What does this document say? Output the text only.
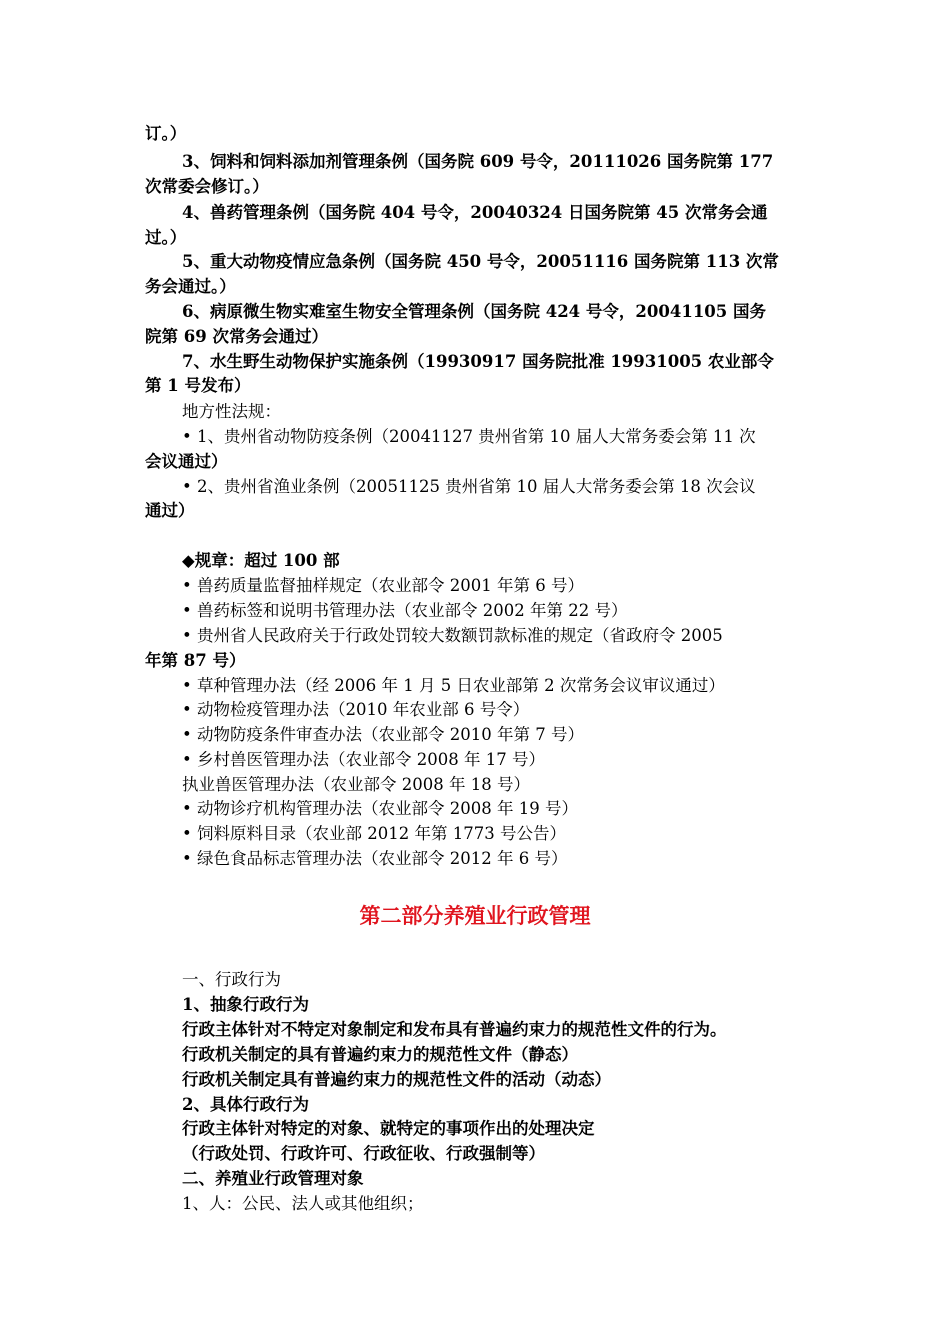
订。）
3、饲料和饲料添加剂管理条例（国务院 609 号令，20111026 国务院第 177
次常委会修订。）
4、兽药管理条例（国务院 404 号令，20040324 日国务院第 45 次常务会通
过。）
5、重大动物疫情应急条例（国务院 450 号令，20051116 国务院第 113 次常
务会通过。）
6、病原微生物实难室生物安全管理条例（国务院 424 号令，20041105 国务
院第 69 次常务会通过）
7、水生野生动物保护实施条例（19930917 国务院批准 19931005 农业部令
第 1 号发布）
地方性法规：
• 1、贵州省动物防疫条例（20041127 贵州省第 10 届人大常务委会第 11 次
会议通过）
• 2、贵州省渔业条例（20051125 贵州省第 10 届人大常务委会第 18 次会议
通过）
◆规章：超过 100 部
• 兽药质量监督抽样规定（农业部令 2001 年第 6 号）
• 兽药标签和说明书管理办法（农业部令 2002 年第 22 号）
• 贵州省人民政府关于行政处罚较大数额罚款标准的规定（省政府令 2005
年第 87 号）
• 草种管理办法（经 2006 年 1 月 5 日农业部第 2 次常务会议审议通过）
• 动物检疫管理办法（2010 年农业部 6 号令）
• 动物防疫条件审查办法（农业部令 2010 年第 7 号）
• 乡村兽医管理办法（农业部令 2008 年 17 号）
执业兽医管理办法（农业部令 2008 年 18 号）
• 动物诊疗机构管理办法（农业部令 2008 年 19 号）
• 饲料原料目录（农业部 2012 年第 1773 号公告）
• 绿色食品标志管理办法（农业部令 2012 年 6 号）
第二部分养殖业行政管理
一、行政行为
1、抽象行政行为
行政主体针对不特定对象制定和发布具有普遍约束力的规范性文件的行为。
行政机关制定的具有普遍约束力的规范性文件（静态）
行政机关制定具有普遍约束力的规范性文件的活动（动态）
2、具体行政行为
行政主体针对特定的对象、就特定的事项作出的处理决定
（行政处罚、行政许可、行政征收、行政强制等）
二、养殖业行政管理对象
1、人：公民、法人或其他组织；
